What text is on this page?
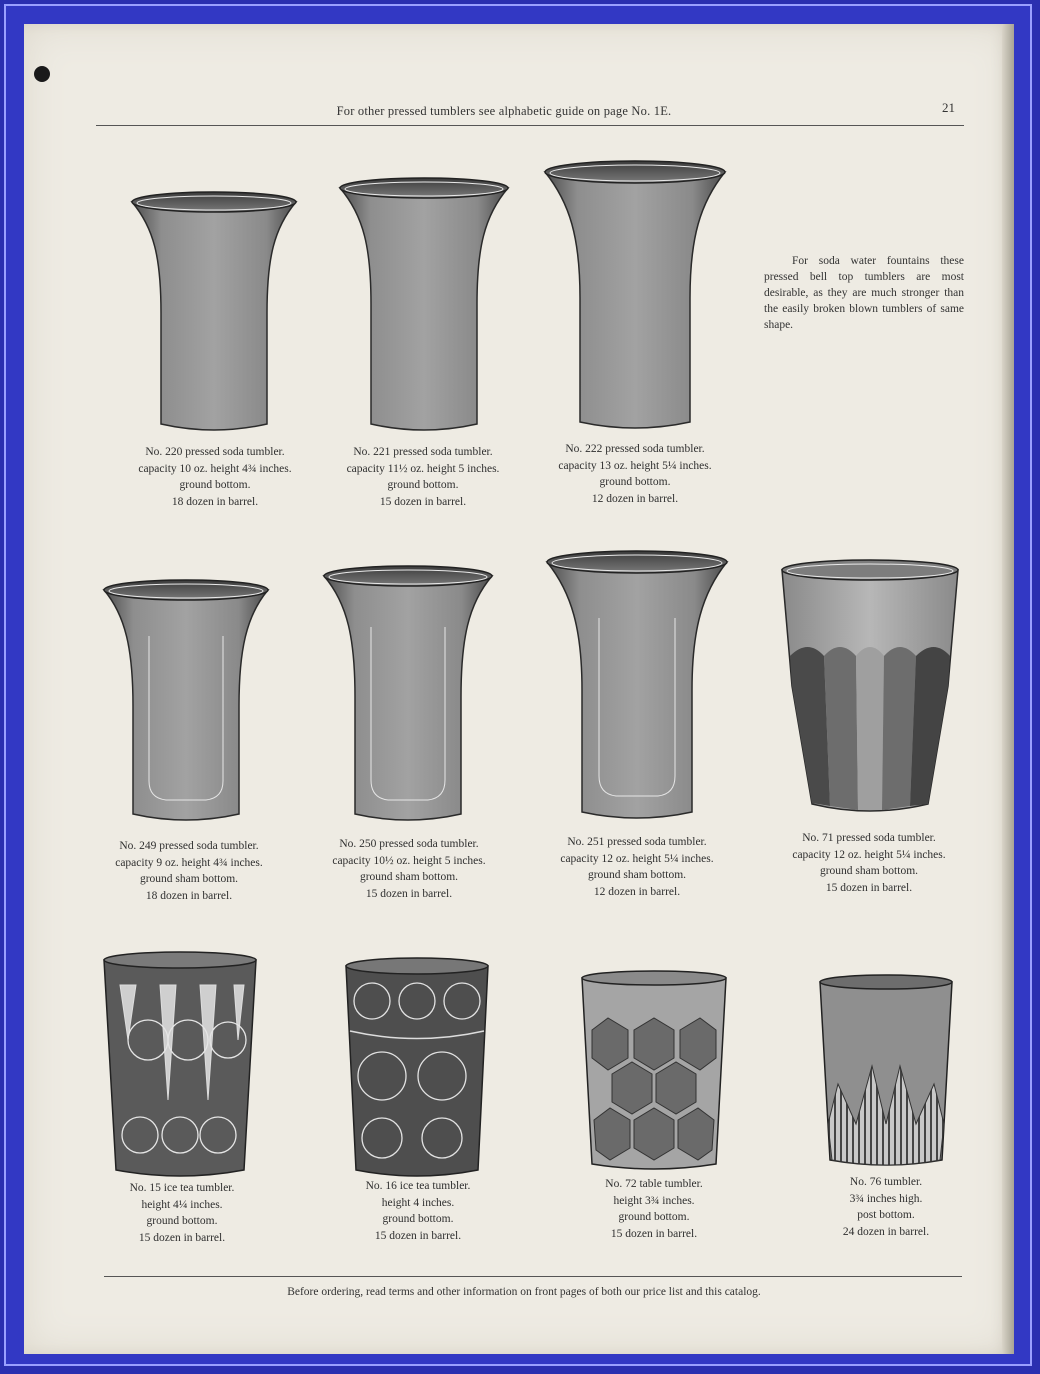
For other pressed tumblers see alphabetic guide on page No. 1E.	21
For soda water fountains these pressed bell top tumblers are most desirable, as they are much stronger than the easily broken blown tumblers of same shape.
No. 220 pressed soda tumbler.
capacity 10 oz. height 4¾ inches.
ground bottom.
18 dozen in barrel.
No. 221 pressed soda tumbler.
capacity 11½ oz. height 5 inches.
ground bottom.
15 dozen in barrel.
No. 222 pressed soda tumbler.
capacity 13 oz. height 5¼ inches.
ground bottom.
12 dozen in barrel.
No. 249 pressed soda tumbler.
capacity 9 oz. height 4¾ inches.
ground sham bottom.
18 dozen in barrel.
No. 250 pressed soda tumbler.
capacity 10½ oz. height 5 inches.
ground sham bottom.
15 dozen in barrel.
No. 251 pressed soda tumbler.
capacity 12 oz. height 5¼ inches.
ground sham bottom.
12 dozen in barrel.
No. 71 pressed soda tumbler.
capacity 12 oz. height 5¼ inches.
ground sham bottom.
15 dozen in barrel.
No. 15 ice tea tumbler.
height 4¼ inches.
ground bottom.
15 dozen in barrel.
No. 16 ice tea tumbler.
height 4 inches.
ground bottom.
15 dozen in barrel.
No. 72 table tumbler.
height 3¾ inches.
ground bottom.
15 dozen in barrel.
No. 76 tumbler.
3¾ inches high.
post bottom.
24 dozen in barrel.
Before ordering, read terms and other information on front pages of both our price list and this catalog.
